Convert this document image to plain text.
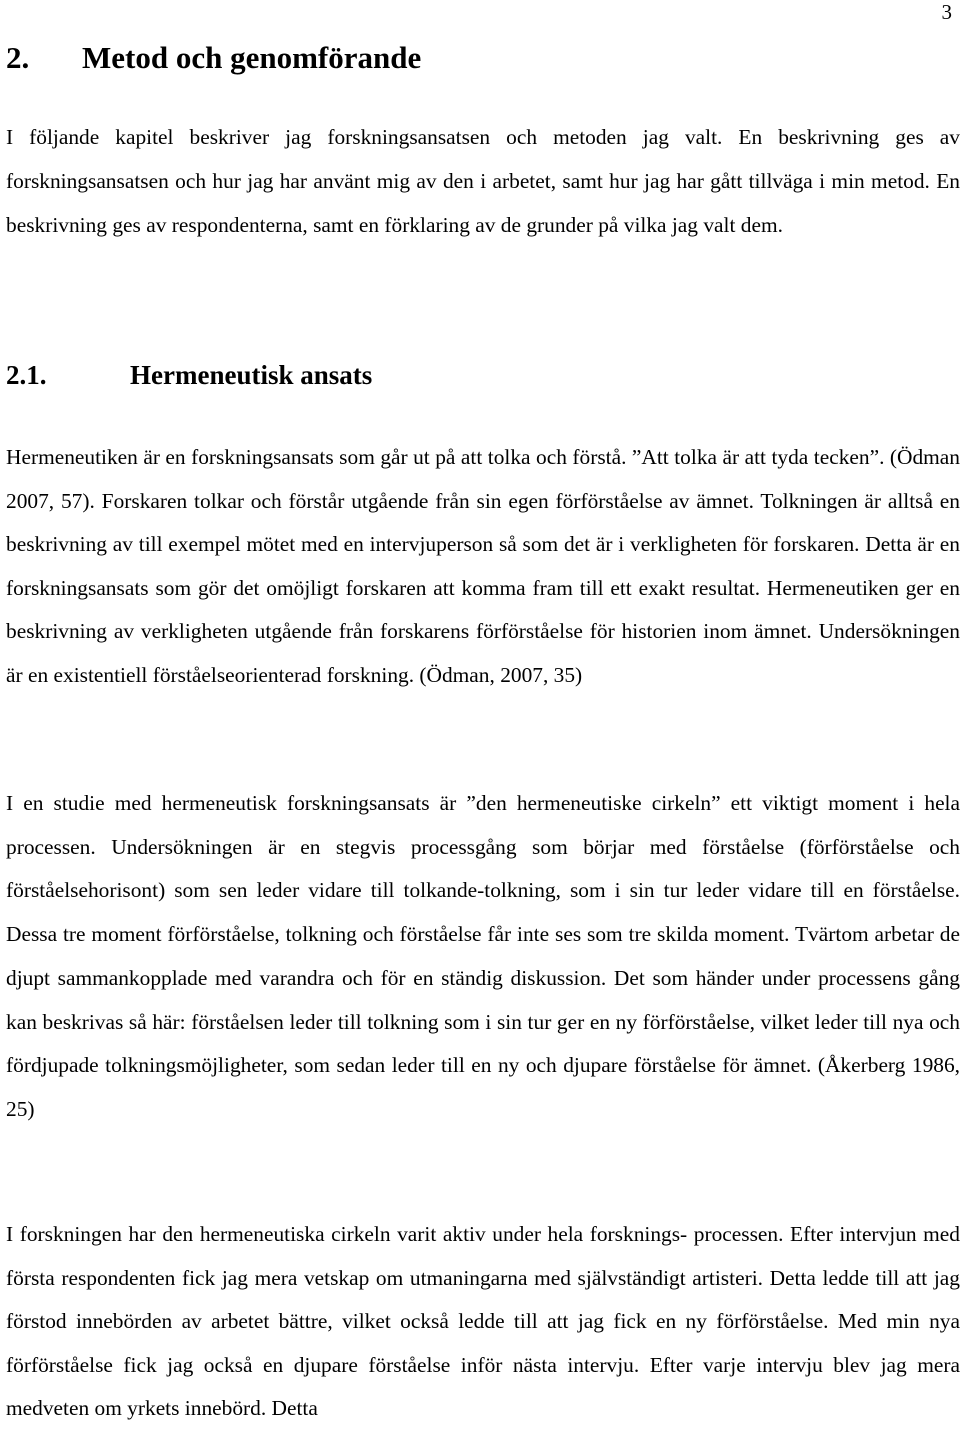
3
2. Metod och genomförande

I följande kapitel beskriver jag forskningsansatsen och metoden jag valt. En beskrivning ges av forskningsansatsen och hur jag har använt mig av den i arbetet, samt hur jag har gått tillväga i min metod. En beskrivning ges av respondenterna, samt en förklaring av de grunder på vilka jag valt dem.

2.1.	Hermeneutisk ansats

Hermeneutiken är en forskningsansats som går ut på att tolka och förstå. ”Att tolka är att tyda tecken”. (Ödman 2007, 57). Forskaren tolkar och förstår utgående från sin egen förförståelse av ämnet. Tolkningen är alltså en beskrivning av till exempel mötet med en intervjuperson så som det är i verkligheten för forskaren. Detta är en forskningsansats som gör det omöjligt forskaren att komma fram till ett exakt resultat. Hermeneutiken ger en beskrivning av verkligheten utgående från forskarens förförståelse för historien inom ämnet. Undersökningen är en existentiell förståelseorienterad forskning. (Ödman, 2007, 35)

I en studie med hermeneutisk forskningsansats är ”den hermeneutiske cirkeln” ett viktigt moment i hela processen. Undersökningen är en stegvis processgång som börjar med förståelse (förförståelse och förståelsehorisont) som sen leder vidare till tolkande-tolkning, som i sin tur leder vidare till en förståelse. Dessa tre moment förförståelse, tolkning och förståelse får inte ses som tre skilda moment. Tvärtom arbetar de djupt sammankopplade med varandra och för en ständig diskussion. Det som händer under processens gång kan beskrivas så här: förståelsen leder till tolkning som i sin tur ger en ny förförståelse, vilket leder till nya och fördjupade tolkningsmöjligheter, som sedan leder till en ny och djupare förståelse för ämnet. (Åkerberg 1986, 25)

I forskningen har den hermeneutiska cirkeln varit aktiv under hela forsknings- processen. Efter intervjun med första respondenten fick jag mera vetskap om utmaningarna med självständigt artisteri. Detta ledde till att jag förstod innebörden av arbetet bättre, vilket också ledde till att jag fick en ny förförståelse. Med min nya förförståelse fick jag också en djupare förståelse inför nästa intervju. Efter varje intervju blev jag mera medveten om yrkets innebörd. Detta
